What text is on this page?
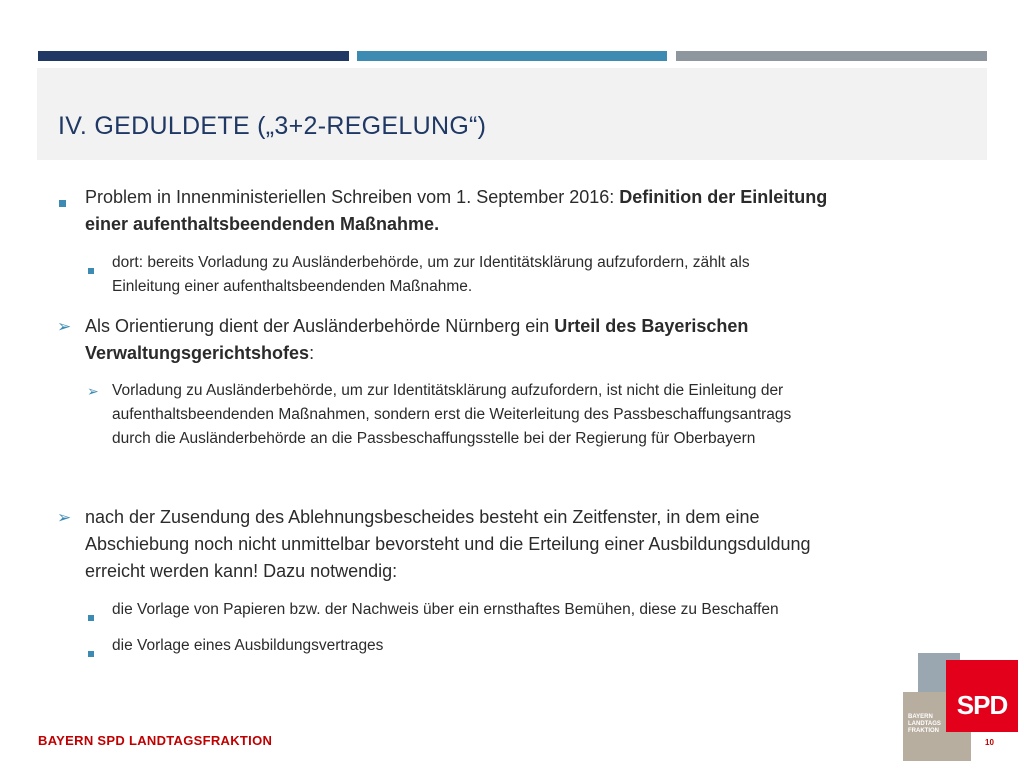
IV. GEDULDETE („3+2-REGELUNG“)
Problem in Innenministeriellen Schreiben vom 1. September 2016: Definition der Einleitung
einer aufenthaltsbeendenden Maßnahme.
dort: bereits Vorladung zu Ausländerbehörde, um zur Identitätsklärung aufzufordern, zählt als
Einleitung einer aufenthaltsbeendenden Maßnahme.
➢ Als Orientierung dient der Ausländerbehörde Nürnberg ein Urteil des Bayerischen
Verwaltungsgerichtshofes:
➢ Vorladung zu Ausländerbehörde, um zur Identitätsklärung aufzufordern, ist nicht die Einleitung der
aufenthaltsbeendenden Maßnahmen, sondern erst die Weiterleitung des Passbeschaffungsantrags
durch die Ausländerbehörde an die Passbeschaffungsstelle bei der Regierung für Oberbayern
➢ nach der Zusendung des Ablehnungsbescheides besteht ein Zeitfenster, in dem eine
Abschiebung noch nicht unmittelbar bevorsteht und die Erteilung einer Ausbildungsduldung
erreicht werden kann! Dazu notwendig:
die Vorlage von Papieren bzw. der Nachweis über ein ernsthaftes Bemühen, diese zu Beschaffen
die Vorlage eines Ausbildungsvertrages
BAYERN SPD LANDTAGSFRAKTION	10
SPD
BAYERN
LANDTAGS
FRAKTION
